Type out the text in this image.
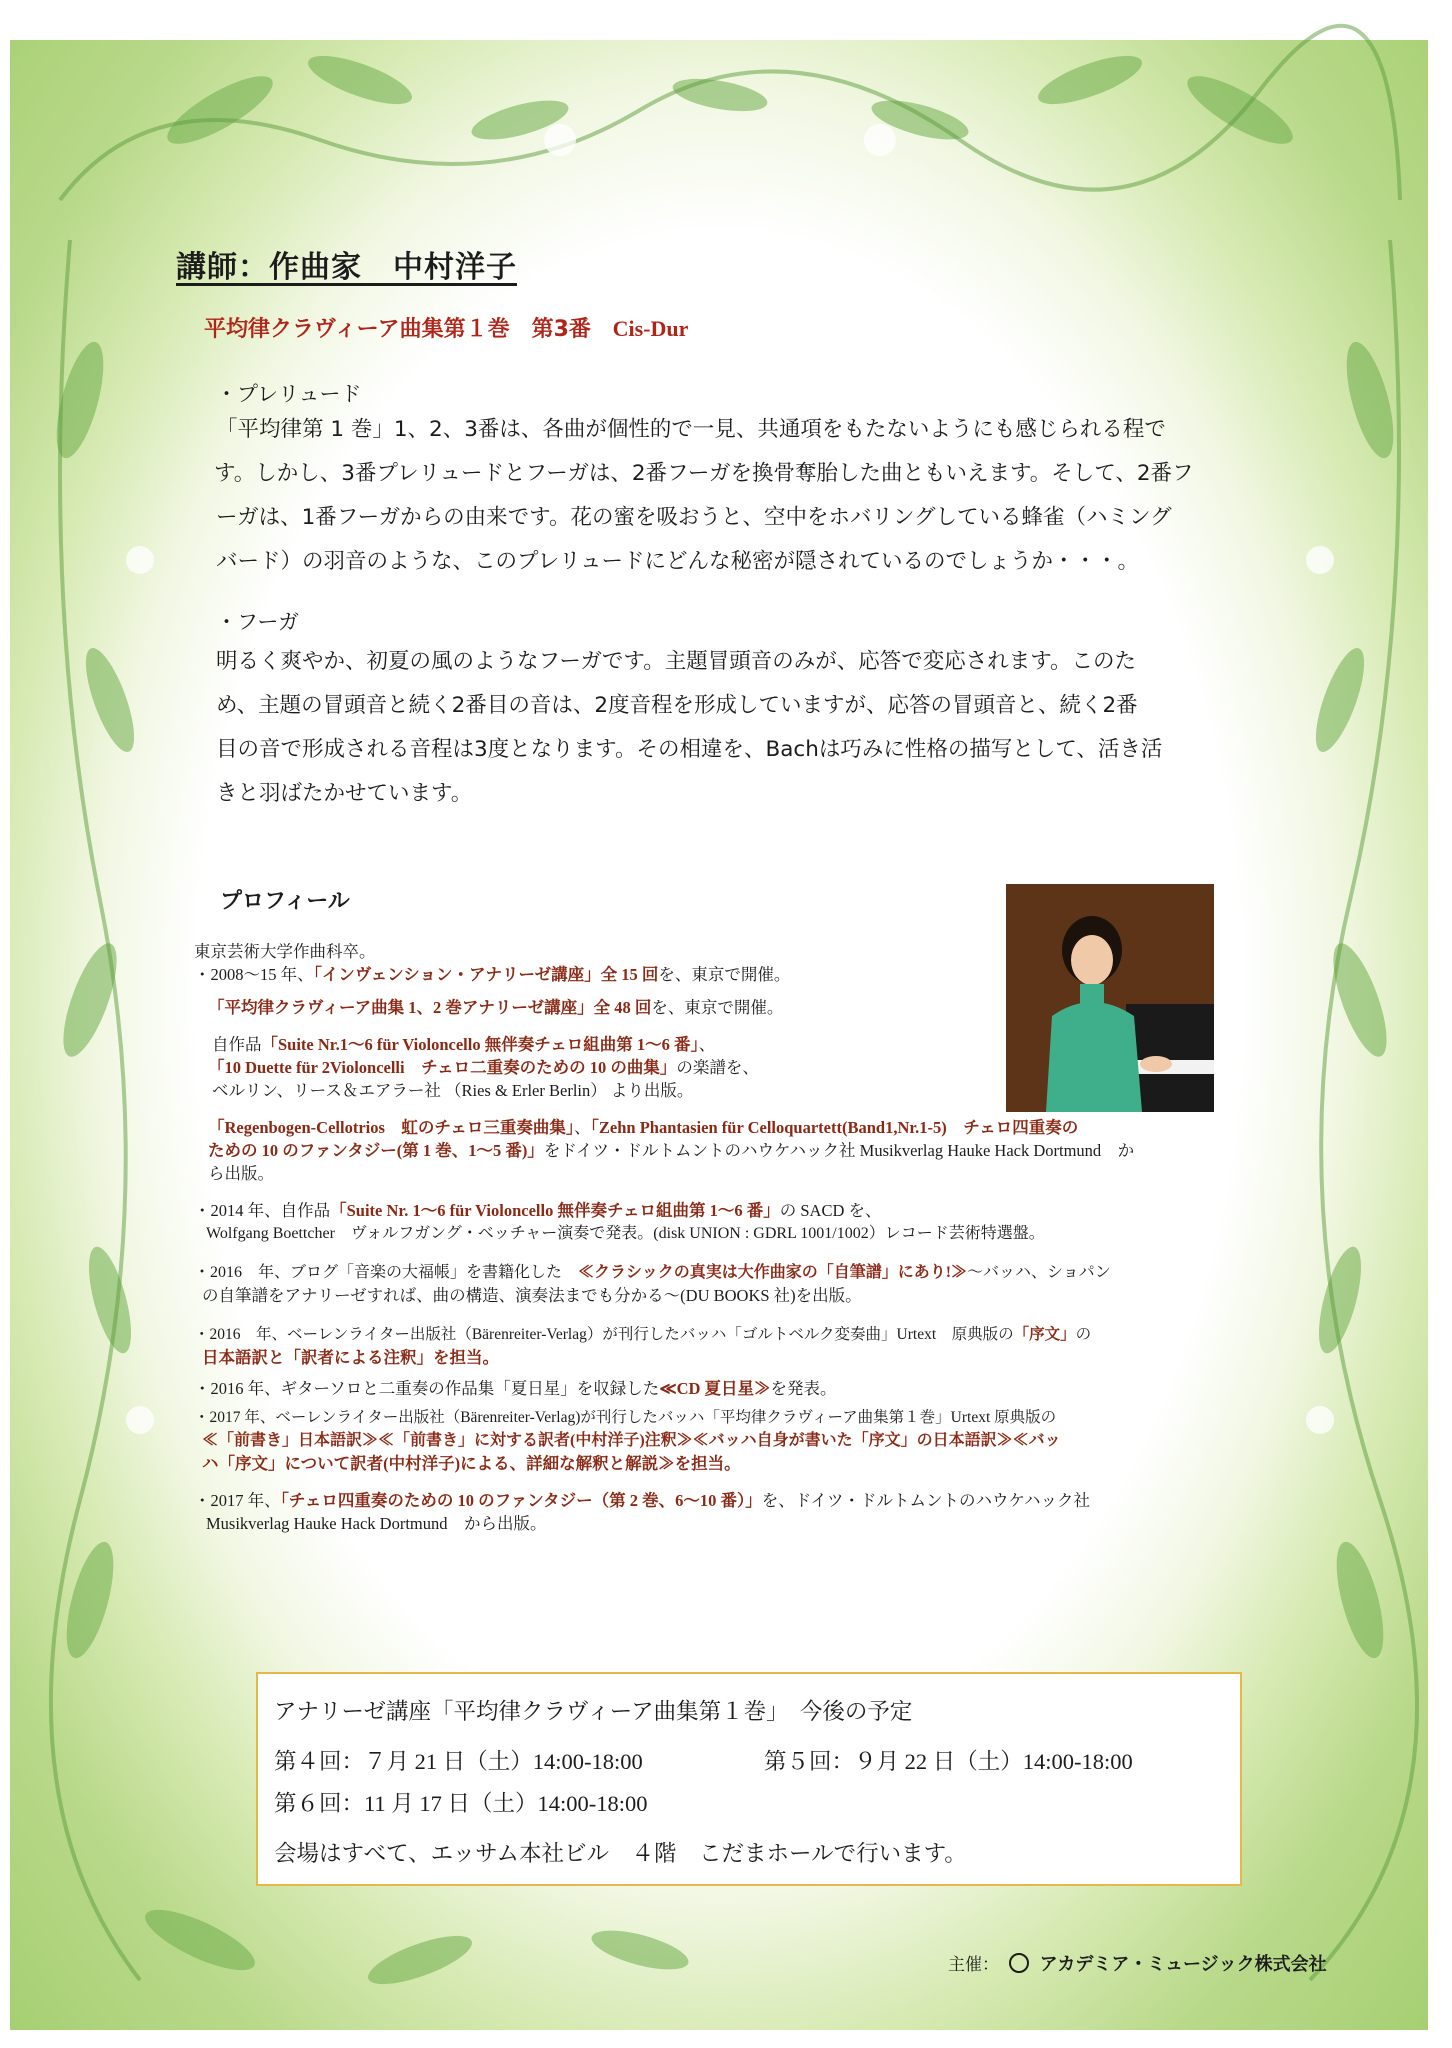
講師：作曲家　中村洋子
平均律クラヴィーア曲集第１巻　第3番 Cis-Dur
・プレリュード
「平均律第 1 巻」1、2、3番は、各曲が個性的で一見、共通項をもたないようにも感じられる程で
す。しかし、3番プレリュードとフーガは、2番フーガを換骨奪胎した曲ともいえます。そして、2番フ
ーガは、1番フーガからの由来です。花の蜜を吸おうと、空中をホバリングしている蜂雀（ハミング
バード）の羽音のような、このプレリュードにどんな秘密が隠されているのでしょうか・・・。
・フーガ
明るく爽やか、初夏の風のようなフーガです。主題冒頭音のみが、応答で変応されます。このた
め、主題の冒頭音と続く2番目の音は、2度音程を形成していますが、応答の冒頭音と、続く2番
目の音で形成される音程は3度となります。その相違を、Bachは巧みに性格の描写として、活き活
きと羽ばたかせています。
プロフィール
東京芸術大学作曲科卒。
・2008～15 年、「インヴェンション・アナリーゼ講座」全 15 回を、東京で開催。
「平均律クラヴィーア曲集 1、2 巻アナリーゼ講座」全 48 回を、東京で開催。
自作品「Suite Nr.1～6 für Violoncello 無伴奏チェロ組曲第 1～6 番」、
「10 Duette für 2Violoncelli　チェロ二重奏のための 10 の曲集」の楽譜を、
ベルリン、リース＆エアラー社 （Ries & Erler Berlin） より出版。
「Regenbogen-Cellotrios　虹のチェロ三重奏曲集」、「Zehn Phantasien für Celloquartett(Band1,Nr.1-5)　チェロ四重奏の
ための 10 のファンタジー(第 1 巻、1～5 番)」をドイツ・ドルトムントのハウケハック社 Musikverlag Hauke Hack Dortmund　か
ら出版。
・2014 年、自作品「Suite Nr. 1～6 für Violoncello 無伴奏チェロ組曲第 1～6 番」の SACD を、
Wolfgang Boettcher　ヴォルフガング・ベッチャー演奏で発表。(disk UNION : GDRL 1001/1002）レコード芸術特選盤。
・2016　年、ブログ「音楽の大福帳」を書籍化した　≪クラシックの真実は大作曲家の「自筆譜」にあり!≫～バッハ、ショパン
の自筆譜をアナリーゼすれば、曲の構造、演奏法までも分かる～(DU BOOKS 社)を出版。
・2016　年、ベーレンライター出版社（Bärenreiter-Verlag）が刊行したバッハ「ゴルトベルク変奏曲」Urtext　原典版の「序文」の
日本語訳と「訳者による注釈」を担当。
・2016 年、ギターソロと二重奏の作品集「夏日星」を収録した≪CD 夏日星≫を発表。
・2017 年、ベーレンライター出版社（Bärenreiter-Verlag)が刊行したバッハ「平均律クラヴィーア曲集第１巻」Urtext 原典版の
≪「前書き」日本語訳≫≪「前書き」に対する訳者(中村洋子)注釈≫≪バッハ自身が書いた「序文」の日本語訳≫≪バッ
ハ「序文」について訳者(中村洋子)による、詳細な解釈と解説≫を担当。
・2017 年、「チェロ四重奏のための 10 のファンタジー（第 2 巻、6～10 番）」を、ドイツ・ドルトムントのハウケハック社
Musikverlag Hauke Hack Dortmund　から出版。
アナリーゼ講座「平均律クラヴィーア曲集第１巻」　今後の予定
第４回：７月 21 日（土）14:00-18:00	第５回：９月 22 日（土）14:00-18:00
第６回：11 月 17 日（土）14:00-18:00
会場はすべて、エッサム本社ビル　４階　こだまホールで行います。
主催： アカデミア・ミュージック株式会社
